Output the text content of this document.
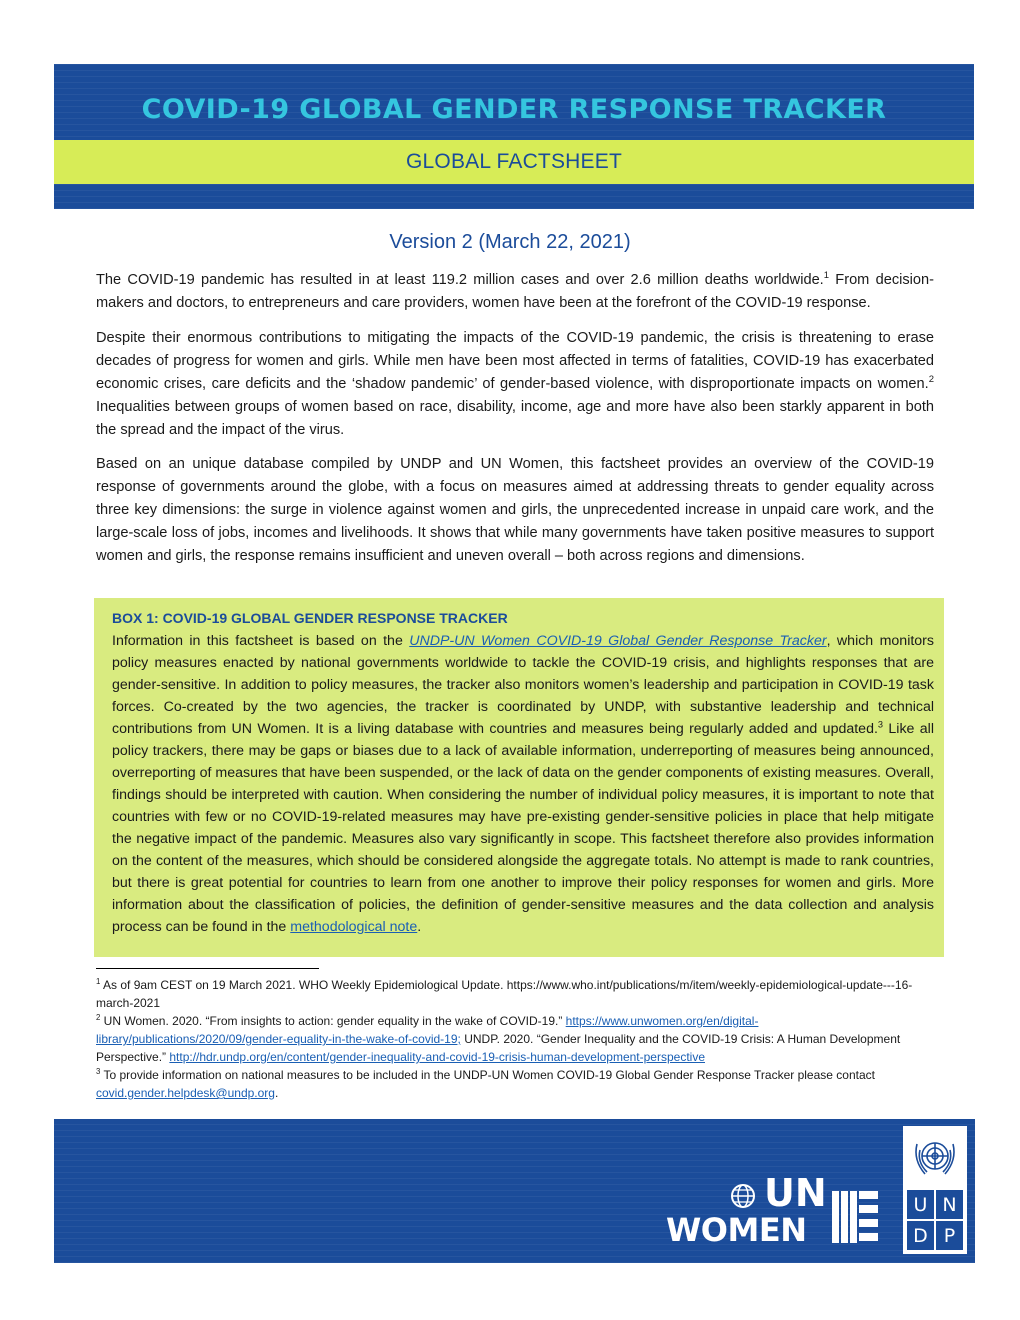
COVID-19 GLOBAL GENDER RESPONSE TRACKER
GLOBAL FACTSHEET
Version 2 (March 22, 2021)

The COVID-19 pandemic has resulted in at least 119.2 million cases and over 2.6 million deaths worldwide.$^1$ From decision-makers and doctors, to entrepreneurs and care providers, women have been at the forefront of the COVID-19 response.

Despite their enormous contributions to mitigating the impacts of the COVID-19 pandemic, the crisis is threatening to erase decades of progress for women and girls. While men have been most affected in terms of fatalities, COVID-19 has exacerbated economic crises, care deficits and the ‘shadow pandemic’ of gender-based violence, with disproportionate impacts on women.$^2$ Inequalities between groups of women based on race, disability, income, age and more have also been starkly apparent in both the spread and the impact of the virus.

Based on an unique database compiled by UNDP and UN Women, this factsheet provides an overview of the COVID-19 response of governments around the globe, with a focus on measures aimed at addressing threats to gender equality across three key dimensions: the surge in violence against women and girls, the unprecedented increase in unpaid care work, and the large-scale loss of jobs, incomes and livelihoods. It shows that while many governments have taken positive measures to support women and girls, the response remains insufficient and uneven overall – both across regions and dimensions.

BOX 1: COVID-19 GLOBAL GENDER RESPONSE TRACKER

Information in this factsheet is based on the UNDP-UN Women COVID-19 Global Gender Response Tracker, which monitors policy measures enacted by national governments worldwide to tackle the COVID-19 crisis, and highlights responses that are gender-sensitive. In addition to policy measures, the tracker also monitors women’s leadership and participation in COVID-19 task forces. Co-created by the two agencies, the tracker is coordinated by UNDP, with substantive leadership and technical contributions from UN Women. It is a living database with countries and measures being regularly added and updated.$^3$ Like all policy trackers, there may be gaps or biases due to a lack of available information, underreporting of measures being announced, overreporting of measures that have been suspended, or the lack of data on the gender components of existing measures. Overall, findings should be interpreted with caution. When considering the number of individual policy measures, it is important to note that countries with few or no COVID-19-related measures may have pre-existing gender-sensitive policies in place that help mitigate the negative impact of the pandemic. Measures also vary significantly in scope. This factsheet therefore also provides information on the content of the measures, which should be considered alongside the aggregate totals. No attempt is made to rank countries, but there is great potential for countries to learn from one another to improve their policy responses for women and girls. More information about the classification of policies, the definition of gender-sensitive measures and the data collection and analysis process can be found in the methodological note.

$^1$ As of 9am CEST on 19 March 2021. WHO Weekly Epidemiological Update. https://www.who.int/publications/m/item/weekly-epidemiological-update---16-march-2021

$^2$ UN Women. 2020. “From insights to action: gender equality in the wake of COVID-19.” https://www.unwomen.org/en/digital-library/publications/2020/09/gender-equality-in-the-wake-of-covid-19; UNDP. 2020. “Gender Inequality and the COVID-19 Crisis: A Human Development Perspective.” http://hdr.undp.org/en/content/gender-inequality-and-covid-19-crisis-human-development-perspective

$^3$ To provide information on national measures to be included in the UNDP-UN Women COVID-19 Global Gender Response Tracker please contact covid.gender.helpdesk@undp.org.

UN
WOMEN
U N
D P
